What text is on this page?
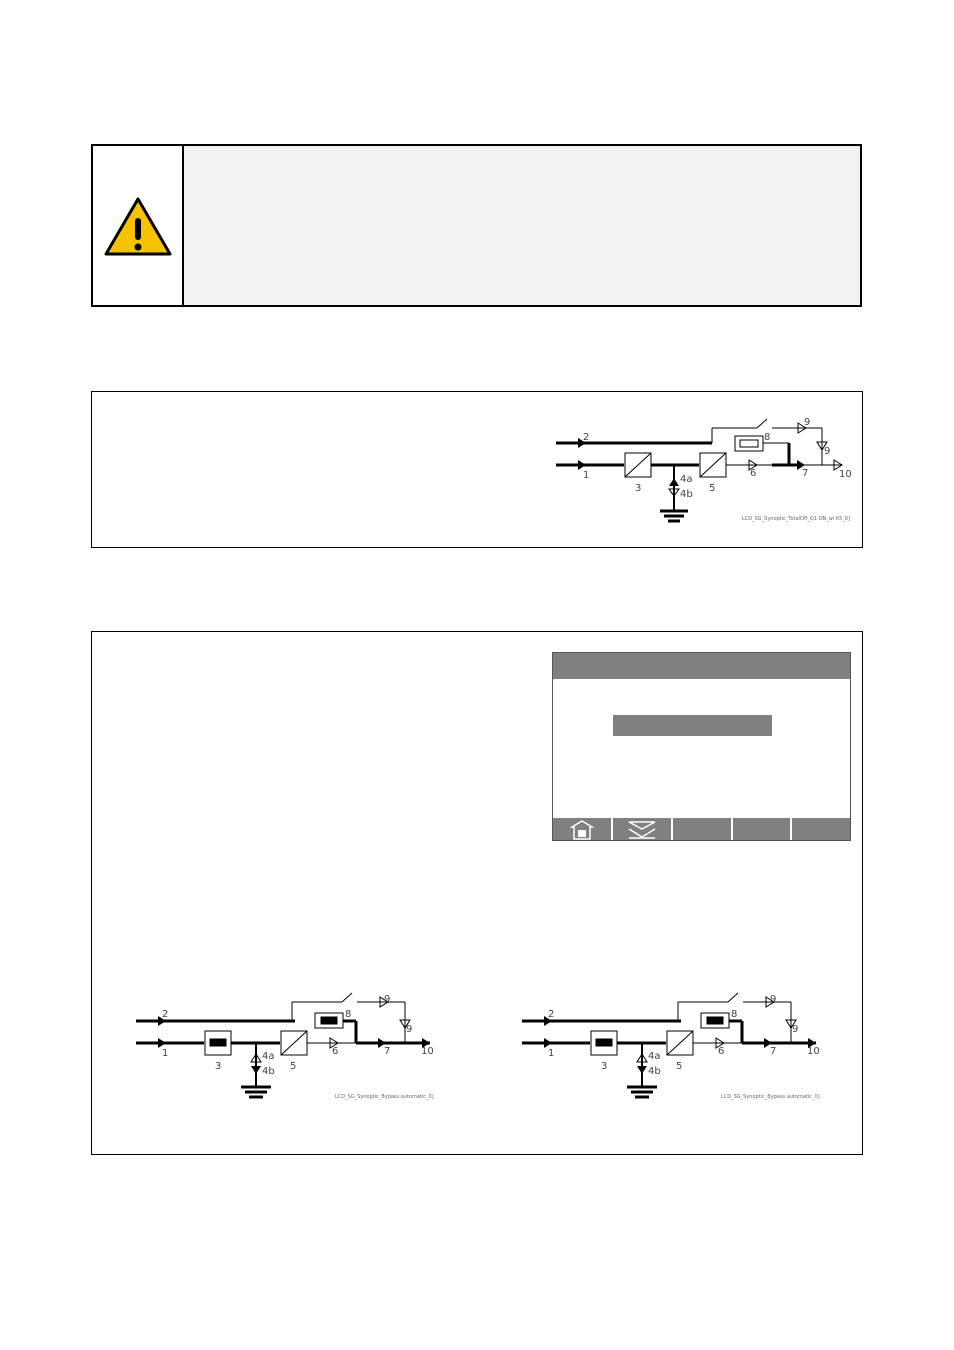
2
1
3
4a
4b
5
6	7
8
9
9
10
LCD_SG_Synoptic_TotalOff_Q1 ON_wi K5_0]
2
1
3
4a
4b 5
6	7
8
9
9
10
LCD_SG_Synoptic_Bypass automatic_0]
2
1
3
4a
4b 5
6	7
8
9
9
10
LCD_SG_Synoptic_Bypass automatic_0]
